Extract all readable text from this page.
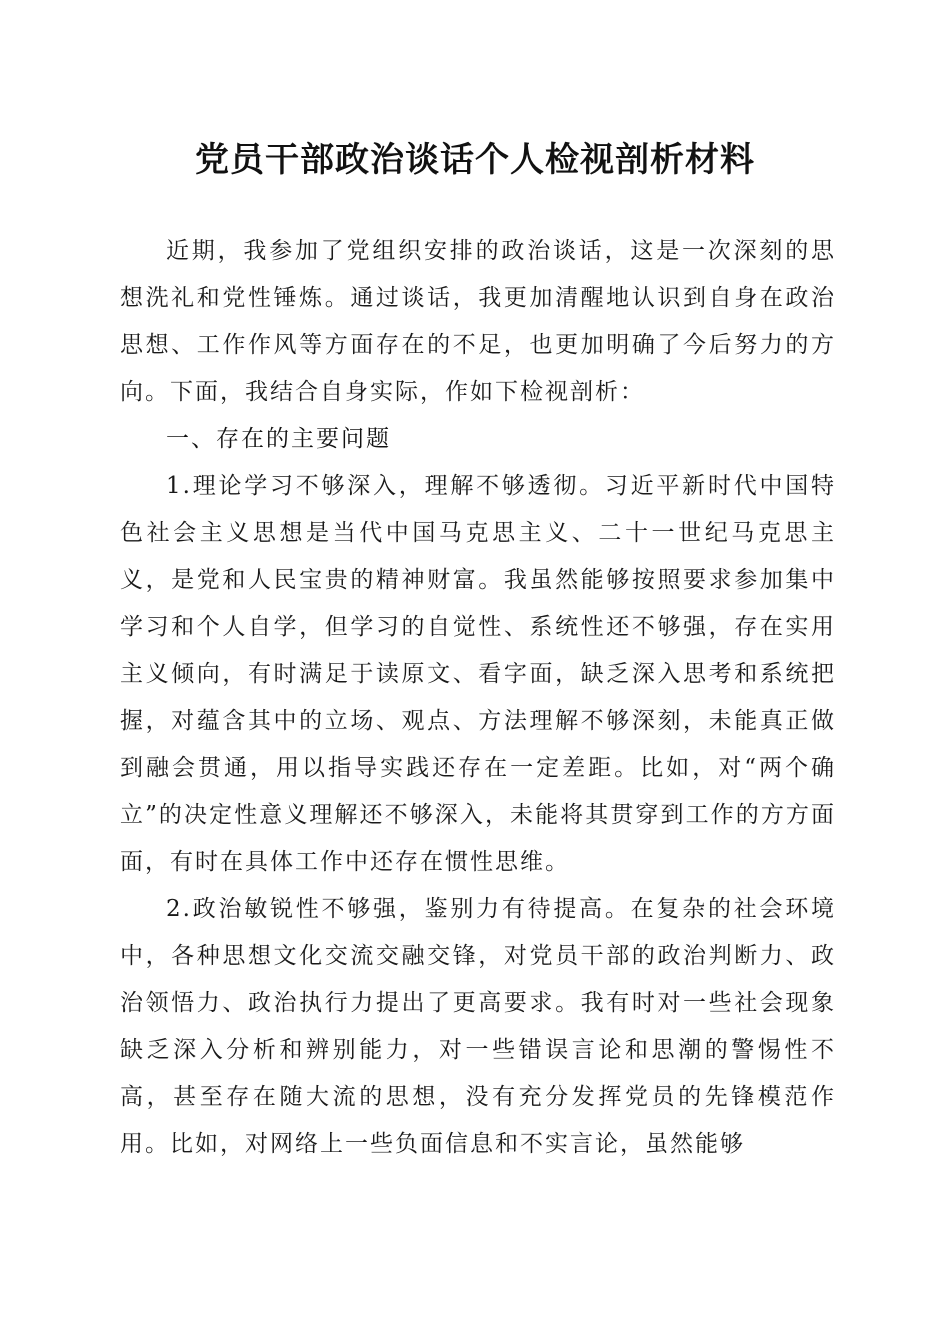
党员干部政治谈话个人检视剖析材料

近期，我参加了党组织安排的政治谈话，这是一次深刻的思想洗礼和党性锤炼。通过谈话，我更加清醒地认识到自身在政治思想、工作作风等方面存在的不足，也更加明确了今后努力的方向。下面，我结合自身实际，作如下检视剖析：

一、存在的主要问题

1.理论学习不够深入，理解不够透彻。习近平新时代中国特色社会主义思想是当代中国马克思主义、二十一世纪马克思主义，是党和人民宝贵的精神财富。我虽然能够按照要求参加集中学习和个人自学，但学习的自觉性、系统性还不够强，存在实用主义倾向，有时满足于读原文、看字面，缺乏深入思考和系统把握，对蕴含其中的立场、观点、方法理解不够深刻，未能真正做到融会贯通，用以指导实践还存在一定差距。比如，对“两个确立”的决定性意义理解还不够深入，未能将其贯穿到工作的方方面面，有时在具体工作中还存在惯性思维。

2.政治敏锐性不够强，鉴别力有待提高。在复杂的社会环境中，各种思想文化交流交融交锋，对党员干部的政治判断力、政治领悟力、政治执行力提出了更高要求。我有时对一些社会现象缺乏深入分析和辨别能力，对一些错误言论和思潮的警惕性不高，甚至存在随大流的思想，没有充分发挥党员的先锋模范作用。比如，对网络上一些负面信息和不实言论，虽然能够
